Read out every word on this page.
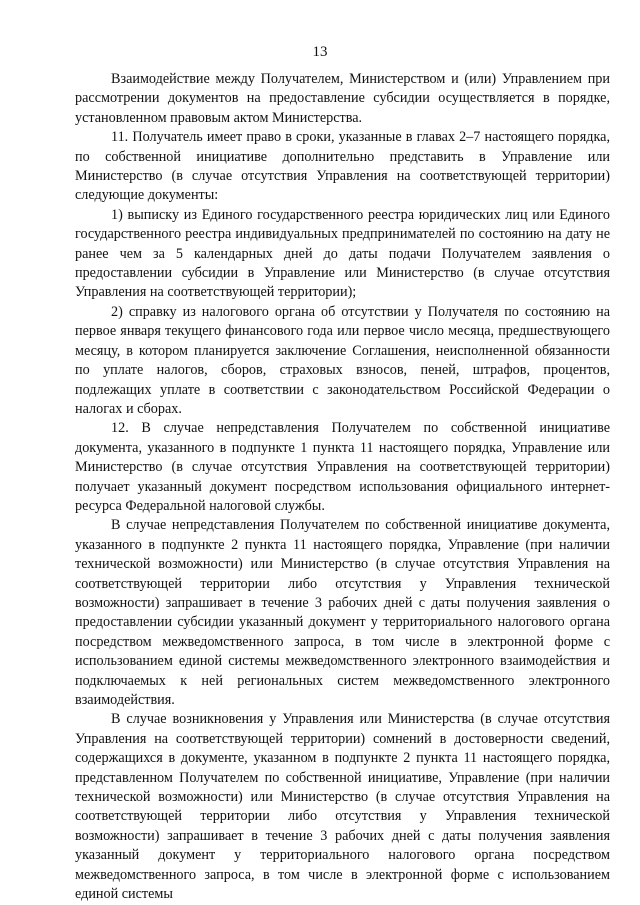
13

Взаимодействие между Получателем, Министерством и (или) Управлением при рассмотрении документов на предоставление субсидии осуществляется в порядке, установленном правовым актом Министерства.

11. Получатель имеет право в сроки, указанные в главах 2–7 настоящего порядка, по собственной инициативе дополнительно представить в Управление или Министерство (в случае отсутствия Управления на соответствующей территории) следующие документы:

1) выписку из Единого государственного реестра юридических лиц или Единого государственного реестра индивидуальных предпринимателей по состоянию на дату не ранее чем за 5 календарных дней до даты подачи Получателем заявления о предоставлении субсидии в Управление или Министерство (в случае отсутствия Управления на соответствующей территории);

2) справку из налогового органа об отсутствии у Получателя по состоянию на первое января текущего финансового года или первое число месяца, предшествующего месяцу, в котором планируется заключение Соглашения, неисполненной обязанности по уплате налогов, сборов, страховых взносов, пеней, штрафов, процентов, подлежащих уплате в соответствии с законодательством Российской Федерации о налогах и сборах.

12. В случае непредставления Получателем по собственной инициативе документа, указанного в подпункте 1 пункта 11 настоящего порядка, Управление или Министерство (в случае отсутствия Управления на соответствующей территории) получает указанный документ посредством использования официального интернет-ресурса Федеральной налоговой службы.

В случае непредставления Получателем по собственной инициативе документа, указанного в подпункте 2 пункта 11 настоящего порядка, Управление (при наличии технической возможности) или Министерство (в случае отсутствия Управления на соответствующей территории либо отсутствия у Управления технической возможности) запрашивает в течение 3 рабочих дней с даты получения заявления о предоставлении субсидии указанный документ у территориального налогового органа посредством межведомственного запроса, в том числе в электронной форме с использованием единой системы межведомственного электронного взаимодействия и подключаемых к ней региональных систем межведомственного электронного взаимодействия.

В случае возникновения у Управления или Министерства (в случае отсутствия Управления на соответствующей территории) сомнений в достоверности сведений, содержащихся в документе, указанном в подпункте 2 пункта 11 настоящего порядка, представленном Получателем по собственной инициативе, Управление (при наличии технической возможности) или Министерство (в случае отсутствия Управления на соответствующей территории либо отсутствия у Управления технической возможности) запрашивает в течение 3 рабочих дней с даты получения заявления указанный документ у территориального налогового органа посредством межведомственного запроса, в том числе в электронной форме с использованием единой системы
